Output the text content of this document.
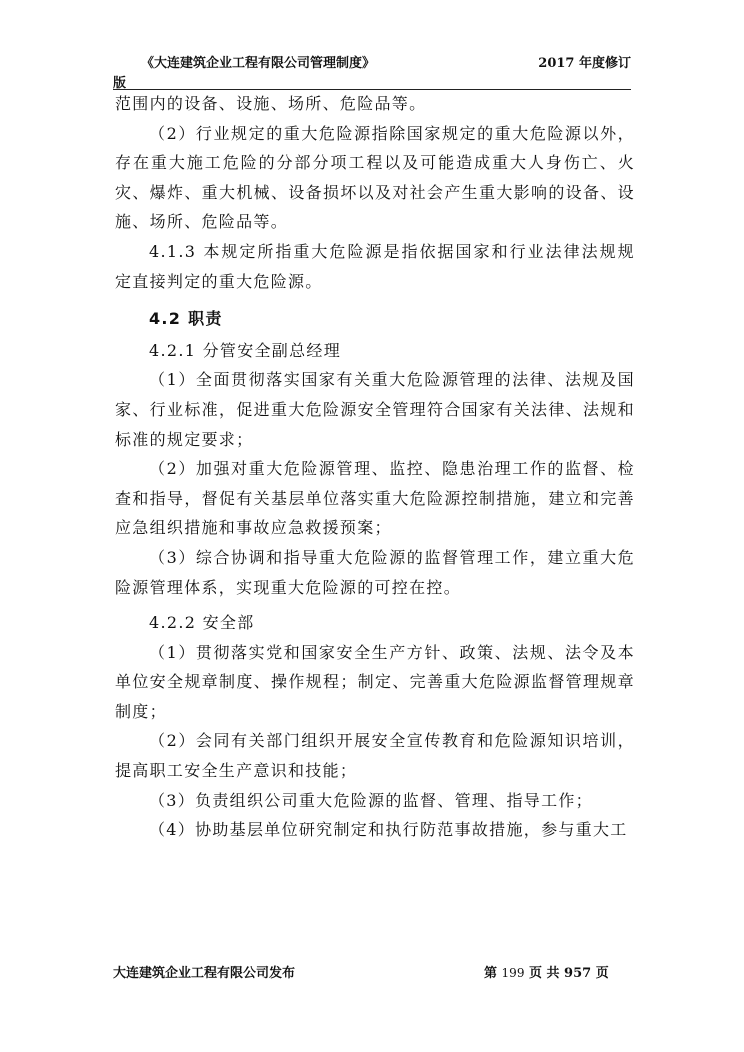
《大连建筑企业工程有限公司管理制度》	2017 年度修订
版

范围内的设备、设施、场所、危险品等。

（2）行业规定的重大危险源指除国家规定的重大危险源以外，存在重大施工危险的分部分项工程以及可能造成重大人身伤亡、火灾、爆炸、重大机械、设备损坏以及对社会产生重大影响的设备、设施、场所、危险品等。

4.1.3 本规定所指重大危险源是指依据国家和行业法律法规规定直接判定的重大危险源。

4.2 职责

4.2.1 分管安全副总经理

（1）全面贯彻落实国家有关重大危险源管理的法律、法规及国家、行业标准，促进重大危险源安全管理符合国家有关法律、法规和标准的规定要求；

（2）加强对重大危险源管理、监控、隐患治理工作的监督、检查和指导，督促有关基层单位落实重大危险源控制措施，建立和完善应急组织措施和事故应急救援预案；

（3）综合协调和指导重大危险源的监督管理工作，建立重大危险源管理体系，实现重大危险源的可控在控。

4.2.2 安全部

（1）贯彻落实党和国家安全生产方针、政策、法规、法令及本单位安全规章制度、操作规程；制定、完善重大危险源监督管理规章制度；

（2）会同有关部门组织开展安全宣传教育和危险源知识培训，提高职工安全生产意识和技能；

（3）负责组织公司重大危险源的监督、管理、指导工作；

（4）协助基层单位研究制定和执行防范事故措施，参与重大工

大连建筑企业工程有限公司发布	第 199 页 共 957 页
